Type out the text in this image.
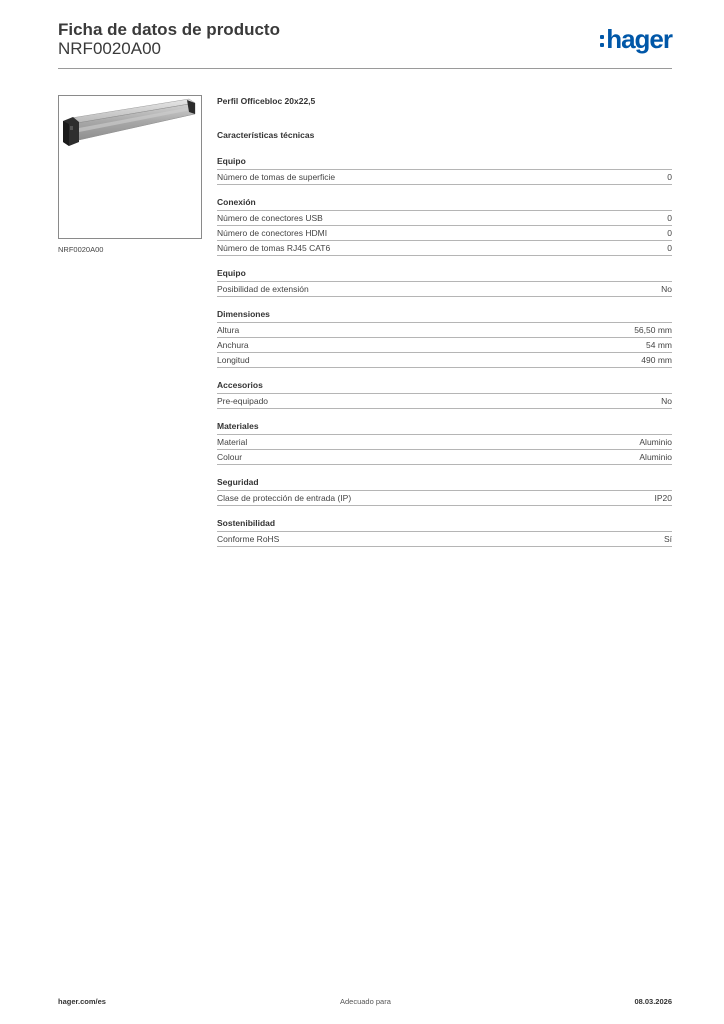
Ficha de datos de producto
NRF0020A00	hager
NRF0020A00
Perfil Officebloc 20x22,5
Características técnicas
Equipo
Número de tomas de superficie	0
Conexión
Número de conectores USB	0
Número de conectores HDMI	0
Número de tomas RJ45 CAT6	0
Equipo
Posibilidad de extensión	No
Dimensiones
Altura	56,50 mm
Anchura	54 mm
Longitud	490 mm
Accesorios
Pre-equipado	No
Materiales
Material	Aluminio
Colour	Aluminio
Seguridad
Clase de protección de entrada (IP)	IP20
Sostenibilidad
Conforme RoHS	Sí
hager.com/es	Adecuado para	08.03.2026
